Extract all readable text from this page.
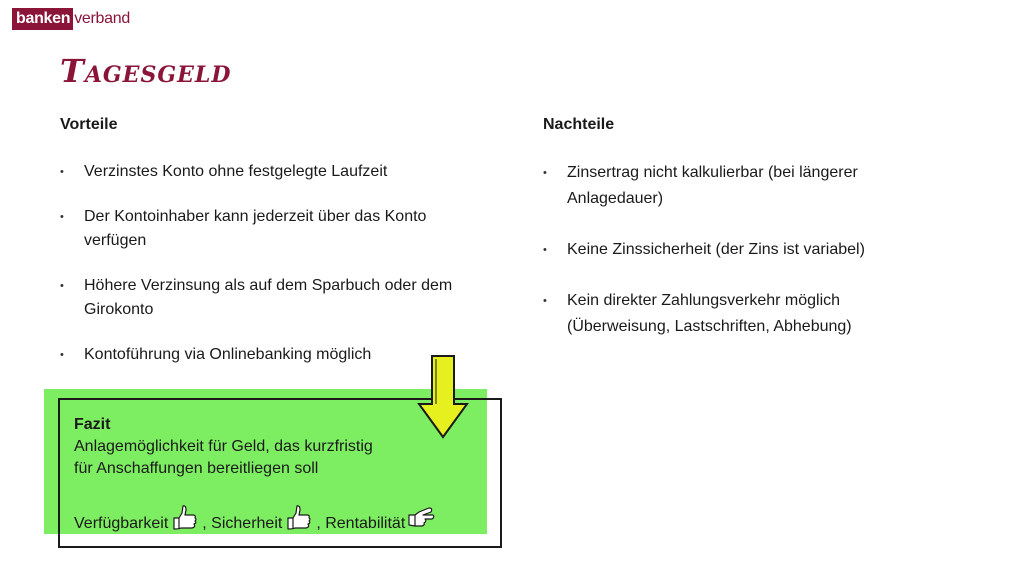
banken verband
Tagesgeld

Vorteile

• Verzinstes Konto ohne festgelegte Laufzeit
• Der Kontoinhaber kann jederzeit über das Konto verfügen
• Höhere Verzinsung als auf dem Sparbuch oder dem Girokonto
• Kontoführung via Onlinebanking möglich

Nachteile

• Zinsertrag nicht kalkulierbar (bei längerer Anlagedauer)
• Keine Zinssicherheit (der Zins ist variabel)
• Kein direkter Zahlungsverkehr möglich (Überweisung, Lastschriften, Abhebung)
Fazit
Anlagemöglichkeit für Geld, das kurzfristig
für Anschaffungen bereitliegen soll
Verfügbarkeit , Sicherheit , Rentabilität
